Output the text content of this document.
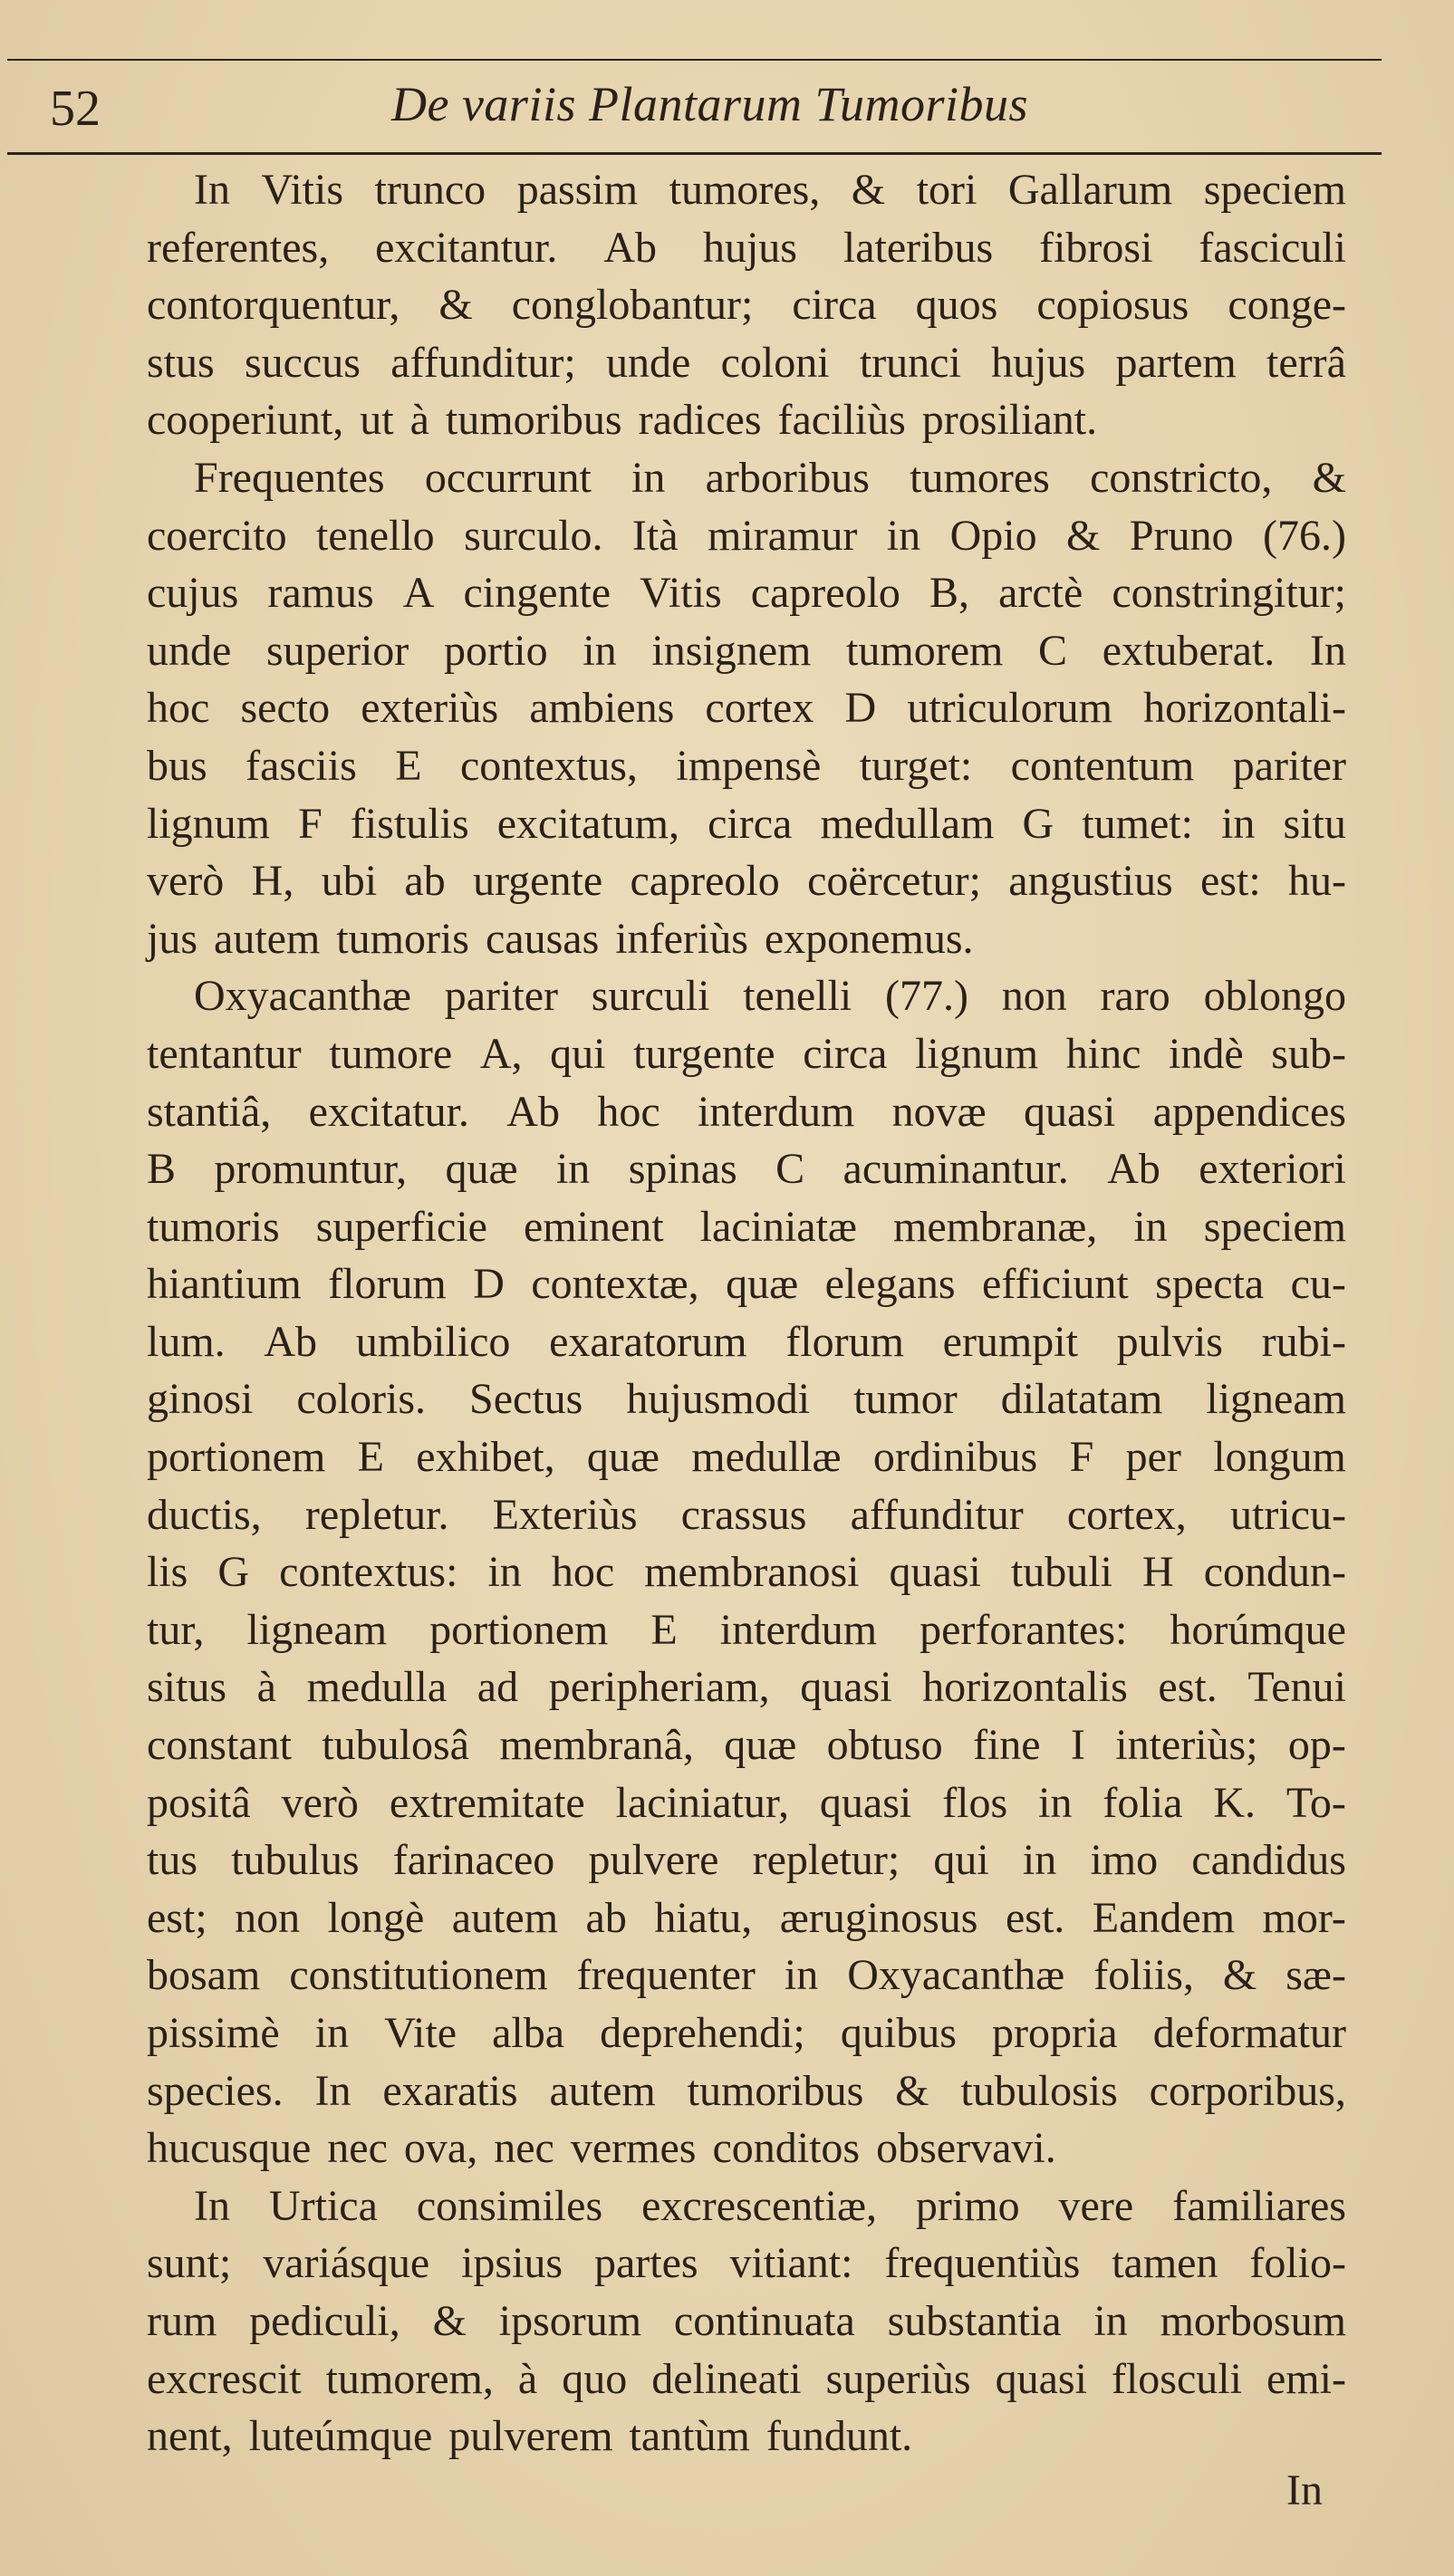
52	De variis Plantarum Tumoribus
In Vitis trunco passim tumores, & tori Gallarum speciem
referentes, excitantur. Ab hujus lateribus fibrosi fasciculi
contorquentur, & conglobantur; circa quos copiosus conge-
stus succus affunditur; unde coloni trunci hujus partem terrâ
cooperiunt, ut à tumoribus radices faciliùs prosiliant.
Frequentes occurrunt in arboribus tumores constricto, &
coercito tenello surculo. Ità miramur in Opio & Pruno (76.)
cujus ramus A cingente Vitis capreolo B, arctè constringitur;
unde superior portio in insignem tumorem C extuberat. In
hoc secto exteriùs ambiens cortex D utriculorum horizontali-
bus fasciis E contextus, impensè turget: contentum pariter
lignum F fistulis excitatum, circa medullam G tumet: in situ
verò H, ubi ab urgente capreolo coërcetur; angustius est: hu-
jus autem tumoris causas inferiùs exponemus.
Oxyacanthæ pariter surculi tenelli (77.) non raro oblongo
tentantur tumore A, qui turgente circa lignum hinc indè sub-
stantiâ, excitatur. Ab hoc interdum novæ quasi appendices
B promuntur, quæ in spinas C acuminantur. Ab exteriori
tumoris superficie eminent laciniatæ membranæ, in speciem
hiantium florum D contextæ, quæ elegans efficiunt specta cu-
lum. Ab umbilico exaratorum florum erumpit pulvis rubi-
ginosi coloris. Sectus hujusmodi tumor dilatatam ligneam
portionem E exhibet, quæ medullæ ordinibus F per longum
ductis, repletur. Exteriùs crassus affunditur cortex, utricu-
lis G contextus: in hoc membranosi quasi tubuli H condun-
tur, ligneam portionem E interdum perforantes: horúmque
situs à medulla ad peripheriam, quasi horizontalis est. Tenui
constant tubulosâ membranâ, quæ obtuso fine I interiùs; op-
positâ verò extremitate laciniatur, quasi flos in folia K. To-
tus tubulus farinaceo pulvere repletur; qui in imo candidus
est; non longè autem ab hiatu, æruginosus est. Eandem mor-
bosam constitutionem frequenter in Oxyacanthæ foliis, & sæ-
pissimè in Vite alba deprehendi; quibus propria deformatur
species. In exaratis autem tumoribus & tubulosis corporibus,
hucusque nec ova, nec vermes conditos observavi.
In Urtica consimiles excrescentiæ, primo vere familiares
sunt; variásque ipsius partes vitiant: frequentiùs tamen folio-
rum pediculi, & ipsorum continuata substantia in morbosum
excrescit tumorem, à quo delineati superiùs quasi flosculi emi-
nent, luteúmque pulverem tantùm fundunt.
In
